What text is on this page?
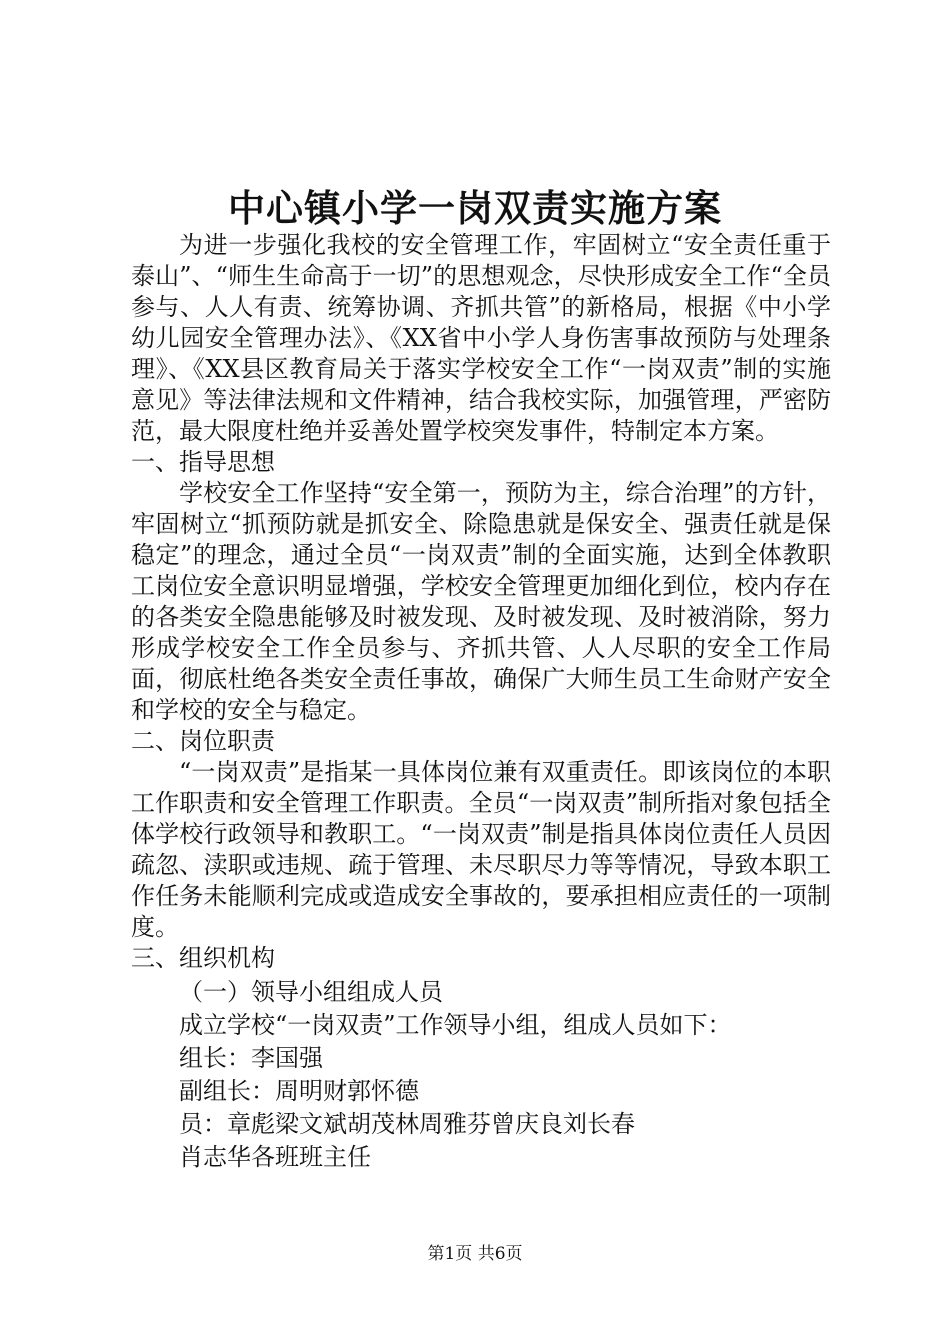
中心镇小学一岗双责实施方案

为进一步强化我校的安全管理工作，牢固树立“安全责任重于泰山”、“师生生命高于一切”的思想观念，尽快形成安全工作“全员参与、人人有责、统筹协调、齐抓共管”的新格局，根据《中小学幼儿园安全管理办法》、《XX省中小学人身伤害事故预防与处理条理》、《XX县区教育局关于落实学校安全工作“一岗双责”制的实施意见》等法律法规和文件精神，结合我校实际，加强管理，严密防范，最大限度杜绝并妥善处置学校突发事件，特制定本方案。

一、指导思想

学校安全工作坚持“安全第一，预防为主，综合治理”的方针，牢固树立“抓预防就是抓安全、除隐患就是保安全、强责任就是保稳定”的理念，通过全员“一岗双责”制的全面实施，达到全体教职工岗位安全意识明显增强，学校安全管理更加细化到位，校内存在的各类安全隐患能够及时被发现、及时被发现、及时被消除，努力形成学校安全工作全员参与、齐抓共管、人人尽职的安全工作局面，彻底杜绝各类安全责任事故，确保广大师生员工生命财产安全和学校的安全与稳定。

二、岗位职责

“一岗双责”是指某一具体岗位兼有双重责任。即该岗位的本职工作职责和安全管理工作职责。全员“一岗双责”制所指对象包括全体学校行政领导和教职工。“一岗双责”制是指具体岗位责任人员因疏忽、渎职或违规、疏于管理、未尽职尽力等等情况，导致本职工作任务未能顺利完成或造成安全事故的，要承担相应责任的一项制度。

三、组织机构

（一）领导小组组成人员

成立学校“一岗双责”工作领导小组，组成人员如下：

组长：李国强

副组长：周明财郭怀德

员：章彪梁文斌胡茂林周雅芬曾庆良刘长春

肖志华各班班主任

第1页 共6页
